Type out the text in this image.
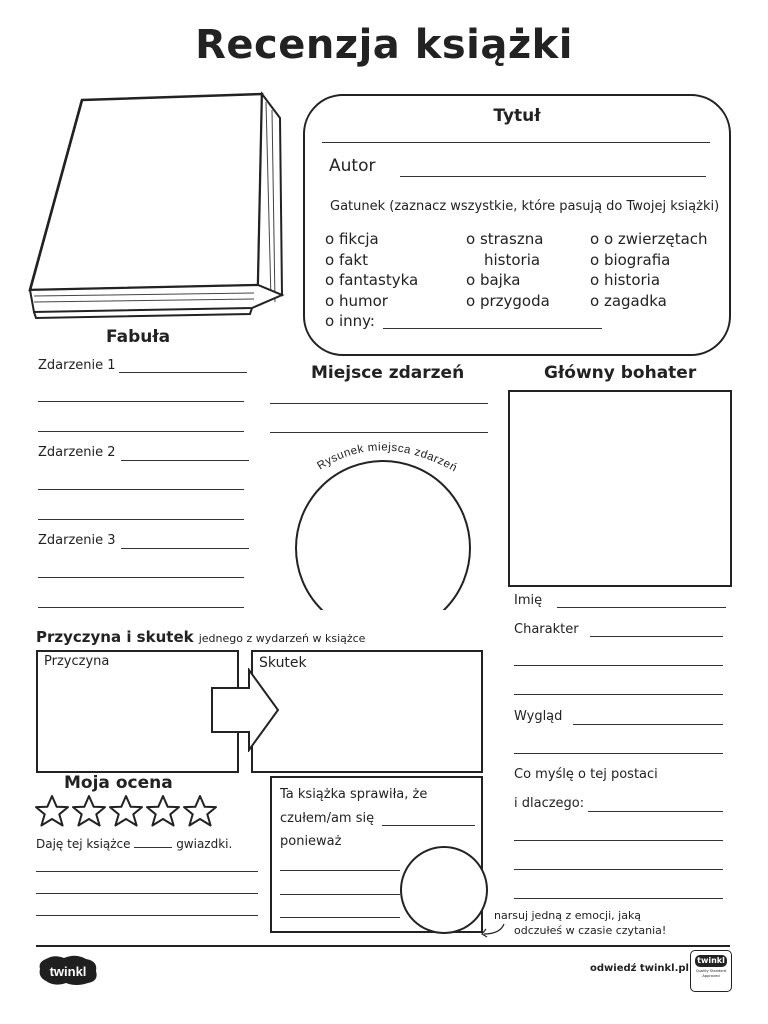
Recenzja książki
Tytuł
Autor
Gatunek (zaznacz wszystkie, które pasują do Twojej książki)
o fikcja
o fakt
o fantastyka
o humor
o inny:
o straszna
historia
o bajka
o przygoda
o o zwierzętach
o biografia
o historia
o zagadka
Fabuła
Zdarzenie 1
Zdarzenie 2
Zdarzenie 3
Miejsce zdarzeń
Rysunek miejsca zdarzeń
Główny bohater
Imię
Charakter
Wygląd
Co myślę o tej postaci
i dlaczego:
Przyczyna i skutek jednego z wydarzeń w książce
Przyczyna	Skutek
Moja ocena
Daję tej książce	gwiazdki.
Ta książka sprawiła, że
czułem/am się
ponieważ
narsuj jedną z emocji, jaką
odczułeś w czasie czytania!
twinkl	odwiedź twinkl.pl
twinkl
Quality Standard Approved
